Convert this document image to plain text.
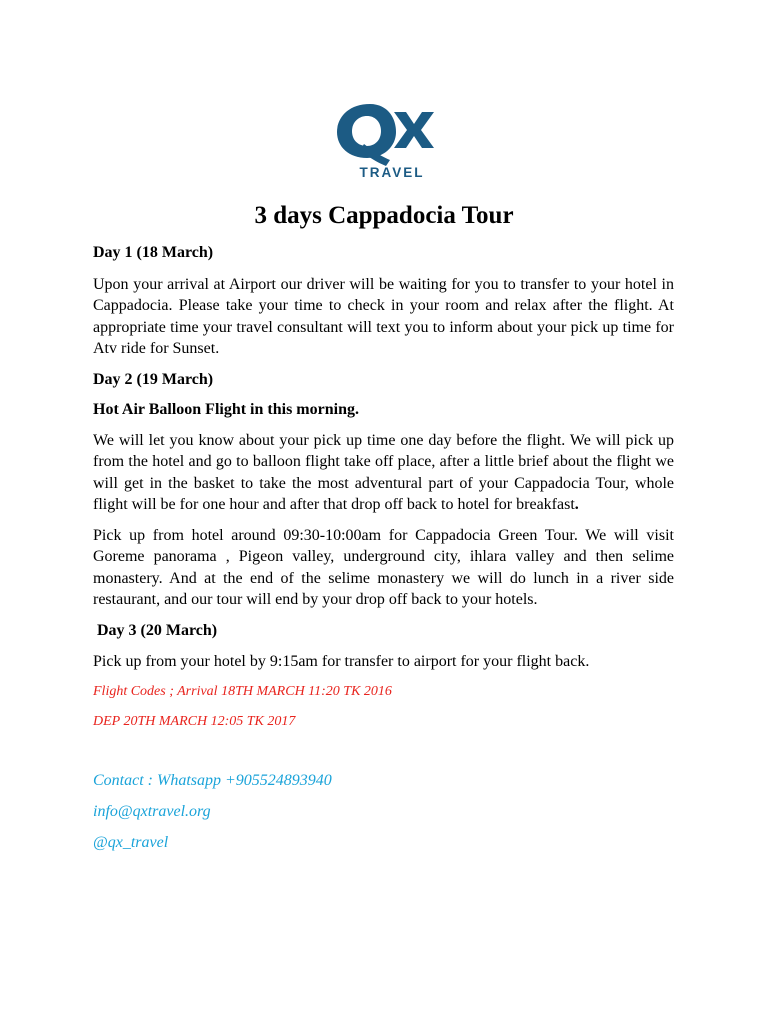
TRAVEL
3 days Cappadocia Tour

Day 1 (18 March)

Upon your arrival at Airport our driver will be waiting for you to transfer to your hotel in Cappadocia. Please take your time to check in your room and relax after the flight. At appropriate time your travel consultant will text you to inform about your pick up time for Atv ride for Sunset.

Day 2 (19 March)

Hot Air Balloon Flight in this morning.

We will let you know about your pick up time one day before the flight. We will pick up from the hotel and go to balloon flight take off place, after a little brief about the flight we will get in the basket to take the most adventural part of your Cappadocia Tour, whole flight will be for one hour and after that drop off back to hotel for breakfast.

Pick up from hotel around 09:30-10:00am for Cappadocia Green Tour. We will visit Goreme panorama , Pigeon valley, underground city, ihlara valley and then selime monastery. And at the end of the selime monastery we will do lunch in a river side restaurant, and our tour will end by your drop off back to your hotels.

Day 3 (20 March)

Pick up from your hotel by 9:15am for transfer to airport for your flight back.

Flight Codes ; Arrival 18TH MARCH 11:20 TK 2016

DEP 20TH MARCH 12:05 TK 2017

Contact : Whatsapp +905524893940

info@qxtravel.org

@qx_travel
